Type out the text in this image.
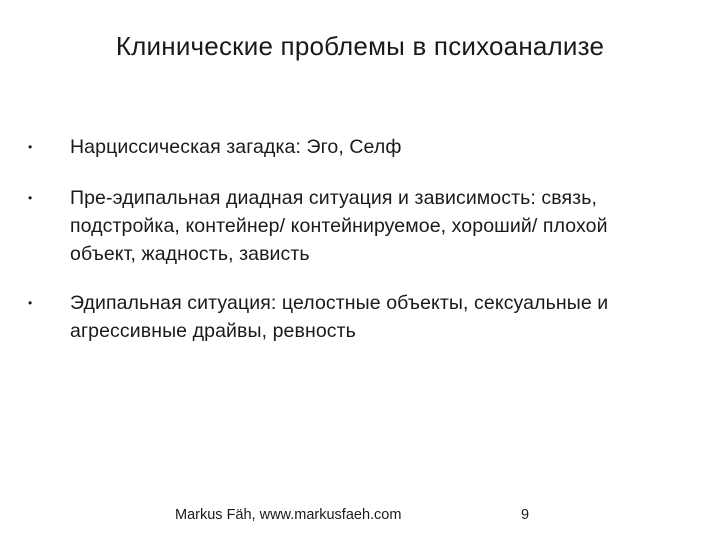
Клинические проблемы в психоанализе
• Нарциссическая загадка: Эго, Селф
• Пре-эдипальная диадная ситуация и зависимость: связь, подстройка, контейнер/ контейнируемое, хороший/ плохой объект, жадность, зависть
• Эдипальная ситуация: целостные объекты, сексуальные и агрессивные драйвы, ревность
Markus Fäh, www.markusfaeh.com	9
